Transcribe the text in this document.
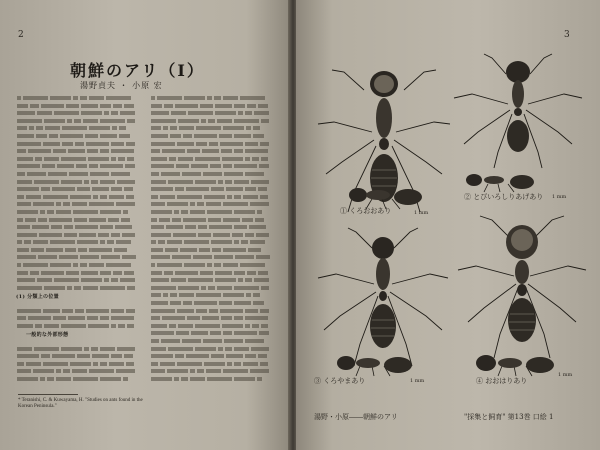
2
朝鮮のアリ（I）
湯野貞夫 ・ 小原 宏
(1) 分類上の位置
一般的な外部形態
* Teranishi, C. & Kuwayama, H. "Studies on ants found in the Korean Peninsula."
3
① くろおおあり	1 mm
② とびいろしりあげあり 1 mm
③ くろやまあり	1 mm	④ おおはりあり
1 mm
湯野・小原――朝鮮のアリ	"採集と飼育" 第13巻 口絵 1
